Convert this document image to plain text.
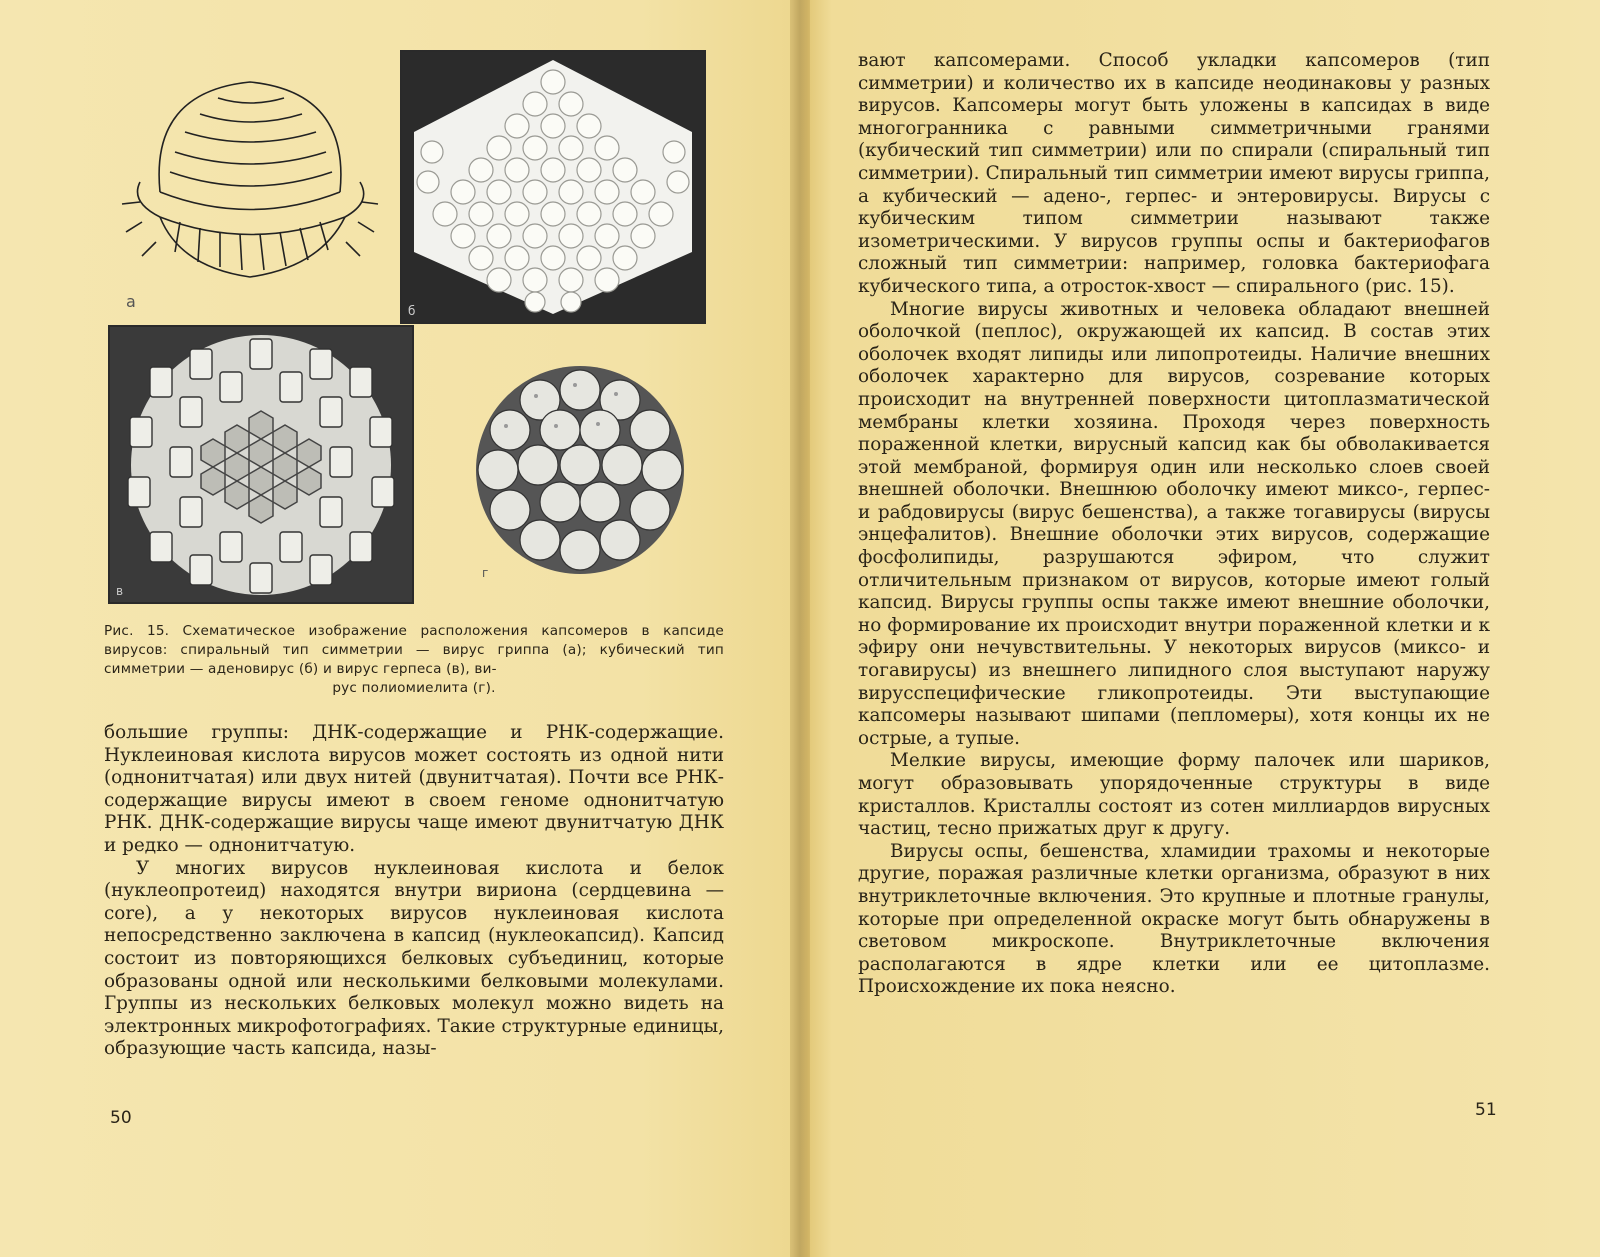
б
в
г
а
Рис. 15. Схематическое изображение расположения капсомеров в капсиде вирусов: спиральный тип симметрии — вирус гриппа (а); кубический тип симметрии — аденовирус (б) и вирус герпеса (в), ви-
рус полиомиелита (г).

большие группы: ДНК-содержащие и РНК-содержащие. Нуклеиновая кислота вирусов может состоять из одной нити (однонитчатая) или двух нитей (двунитчатая). Почти все РНК-содержащие вирусы имеют в своем геноме однонитчатую РНК. ДНК-содержащие вирусы чаще имеют двунитчатую ДНК и редко — однонитчатую.

У многих вирусов нуклеиновая кислота и белок (нуклеопротеид) находятся внутри вириона (сердцевина — core), а у некоторых вирусов нуклеиновая кислота непосредственно заключена в капсид (нуклеокапсид). Капсид состоит из повторяющихся белковых субъединиц, которые образованы одной или несколькими белковыми молекулами. Группы из нескольких белковых молекул можно видеть на электронных микрофотографиях. Такие структурные единицы, образующие часть капсида, назы-

50

вают капсомерами. Способ укладки капсомеров (тип симметрии) и количество их в капсиде неодинаковы у разных вирусов. Капсомеры могут быть уложены в капсидах в виде многогранника с равными симметричными гранями (кубический тип симметрии) или по спирали (спиральный тип симметрии). Спиральный тип симметрии имеют вирусы гриппа, а кубический — адено-, герпес- и энтеровирусы. Вирусы с кубическим типом симметрии называют также изометрическими. У вирусов группы оспы и бактериофагов сложный тип симметрии: например, головка бактериофага кубического типа, а отросток-хвост — спирального (рис. 15).

Многие вирусы животных и человека обладают внешней оболочкой (пеплос), окружающей их капсид. В состав этих оболочек входят липиды или липопротеиды. Наличие внешних оболочек характерно для вирусов, созревание которых происходит на внутренней поверхности цитоплазматической мембраны клетки хозяина. Проходя через поверхность пораженной клетки, вирусный капсид как бы обволакивается этой мембраной, формируя один или несколько слоев своей внешней оболочки. Внешнюю оболочку имеют миксо-, герпес- и рабдовирусы (вирус бешенства), а также тогавирусы (вирусы энцефалитов). Внешние оболочки этих вирусов, содержащие фосфолипиды, разрушаются эфиром, что служит отличительным признаком от вирусов, которые имеют голый капсид. Вирусы группы оспы также имеют внешние оболочки, но формирование их происходит внутри пораженной клетки и к эфиру они нечувствительны. У некоторых вирусов (миксо- и тогавирусы) из внешнего липидного слоя выступают наружу вирусспецифические гликопротеиды. Эти выступающие капсомеры называют шипами (пепломеры), хотя концы их не острые, а тупые.

Мелкие вирусы, имеющие форму палочек или шариков, могут образовывать упорядоченные структуры в виде кристаллов. Кристаллы состоят из сотен миллиардов вирусных частиц, тесно прижатых друг к другу.

Вирусы оспы, бешенства, хламидии трахомы и некоторые другие, поражая различные клетки организма, образуют в них внутриклеточные включения. Это крупные и плотные гранулы, которые при определенной окраске могут быть обнаружены в световом микроскопе. Внутриклеточные включения располагаются в ядре клетки или ее цитоплазме. Происхождение их пока неясно.

51
